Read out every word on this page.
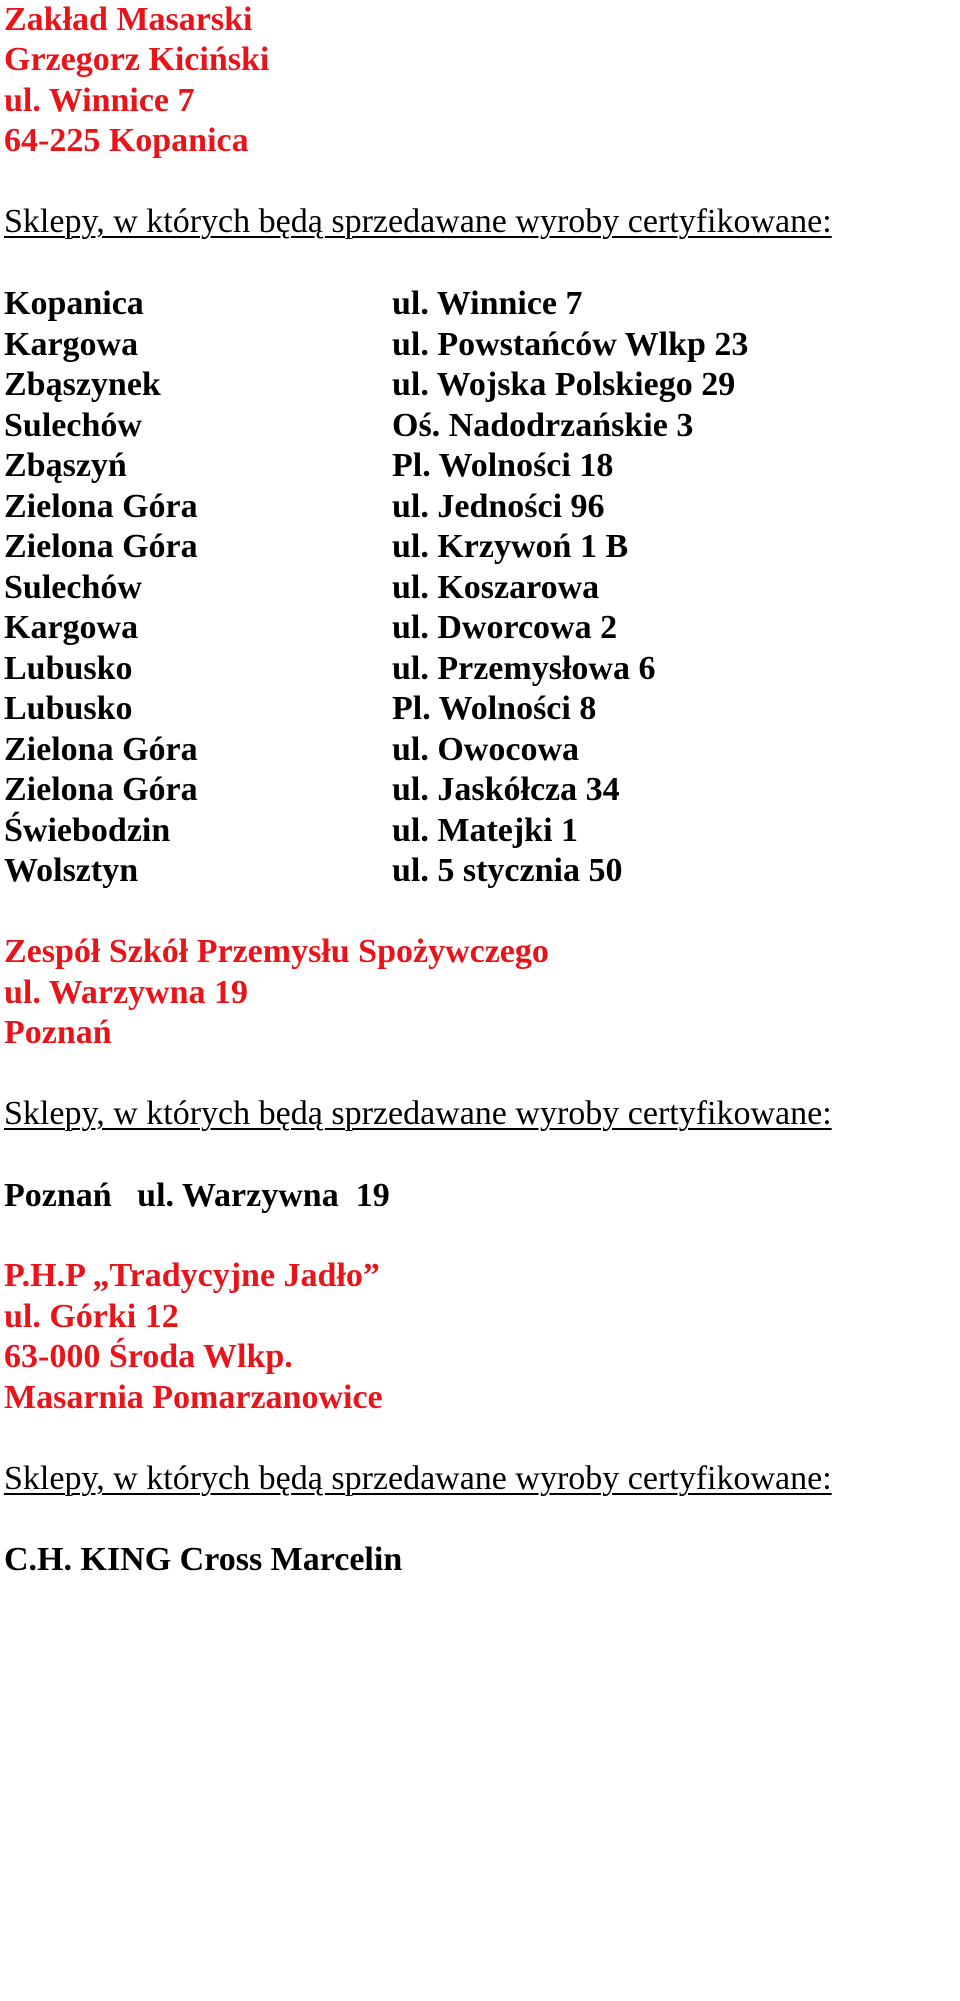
Zakład Masarski
Grzegorz Kiciński
ul. Winnice 7
64-225 Kopanica
Sklepy, w których będą sprzedawane wyroby certyfikowane:
Kopanica	ul. Winnice 7
Kargowa	ul. Powstańców Wlkp 23
Zbąszynek	ul. Wojska Polskiego 29
Sulechów	Oś. Nadodrzańskie 3
Zbąszyń	Pl. Wolności 18
Zielona Góra	ul. Jedności 96
Zielona Góra	ul. Krzywoń 1 B
Sulechów	ul. Koszarowa
Kargowa	ul. Dworcowa 2
Lubusko	ul. Przemysłowa 6
Lubusko	Pl. Wolności 8
Zielona Góra	ul. Owocowa
Zielona Góra	ul. Jaskółcza 34
Świebodzin	ul. Matejki 1
Wolsztyn	ul. 5 stycznia 50
Zespół Szkół Przemysłu Spożywczego
ul. Warzywna 19
Poznań
Sklepy, w których będą sprzedawane wyroby certyfikowane:
Poznań   ul. Warzywna  19
P.H.P „Tradycyjne Jadło”
ul. Górki 12
63-000 Środa Wlkp.
Masarnia Pomarzanowice
Sklepy, w których będą sprzedawane wyroby certyfikowane:
C.H. KING Cross Marcelin
